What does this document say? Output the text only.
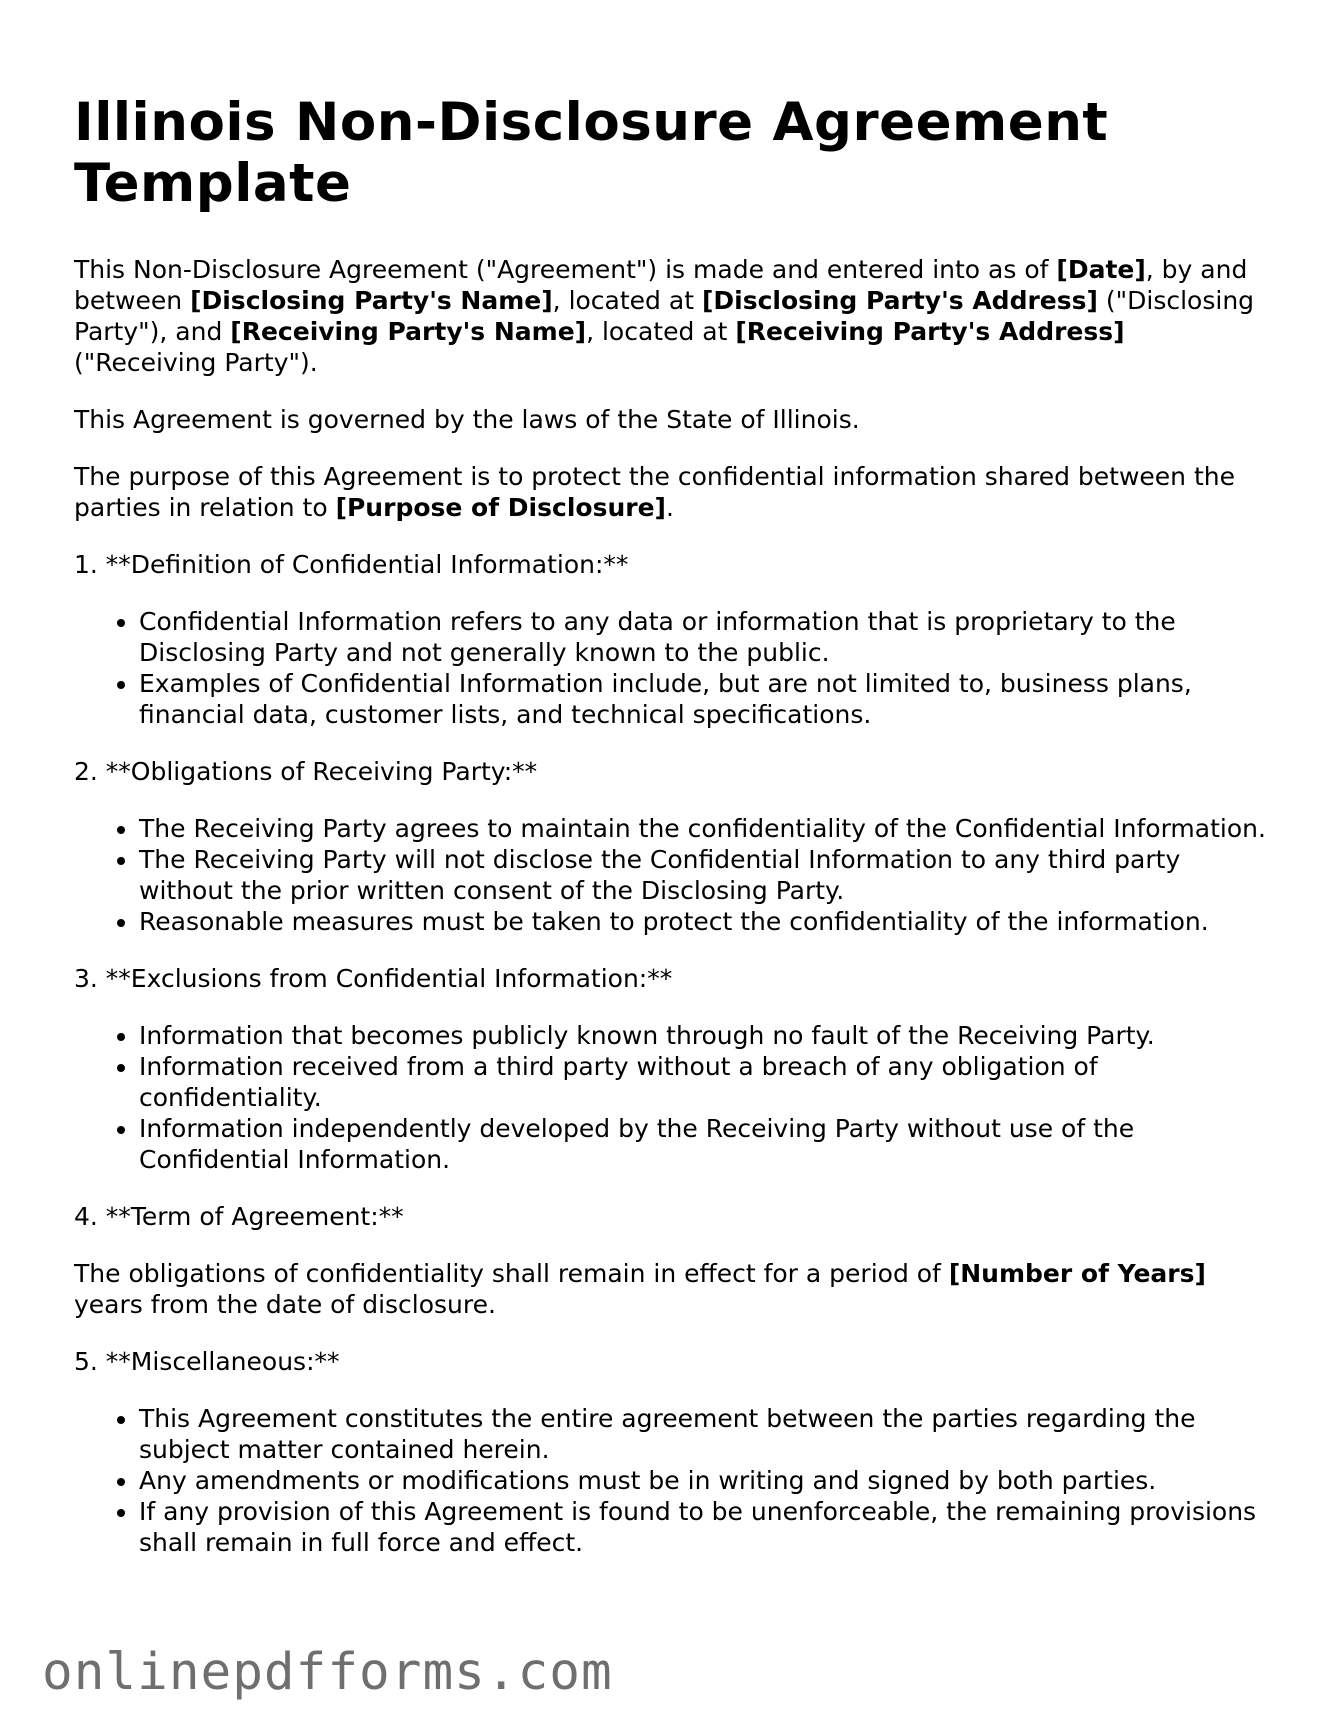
Illinois Non-Disclosure Agreement Template

This Non-Disclosure Agreement ("Agreement") is made and entered into as of [Date], by and between [Disclosing Party's Name], located at [Disclosing Party's Address] ("Disclosing Party"), and [Receiving Party's Name], located at [Receiving Party's Address] ("Receiving Party").

This Agreement is governed by the laws of the State of Illinois.

The purpose of this Agreement is to protect the confidential information shared between the parties in relation to [Purpose of Disclosure].

1. **Definition of Confidential Information:**

• Confidential Information refers to any data or information that is proprietary to the Disclosing Party and not generally known to the public.
• Examples of Confidential Information include, but are not limited to, business plans, financial data, customer lists, and technical specifications.

2. **Obligations of Receiving Party:**

• The Receiving Party agrees to maintain the confidentiality of the Confidential Information.
• The Receiving Party will not disclose the Confidential Information to any third party without the prior written consent of the Disclosing Party.
• Reasonable measures must be taken to protect the confidentiality of the information.

3. **Exclusions from Confidential Information:**

• Information that becomes publicly known through no fault of the Receiving Party.
• Information received from a third party without a breach of any obligation of confidentiality.
• Information independently developed by the Receiving Party without use of the Confidential Information.

4. **Term of Agreement:**

The obligations of confidentiality shall remain in effect for a period of [Number of Years] years from the date of disclosure.

5. **Miscellaneous:**

• This Agreement constitutes the entire agreement between the parties regarding the subject matter contained herein.
• Any amendments or modifications must be in writing and signed by both parties.
• If any provision of this Agreement is found to be unenforceable, the remaining provisions shall remain in full force and effect.
onlinepdfforms.com
